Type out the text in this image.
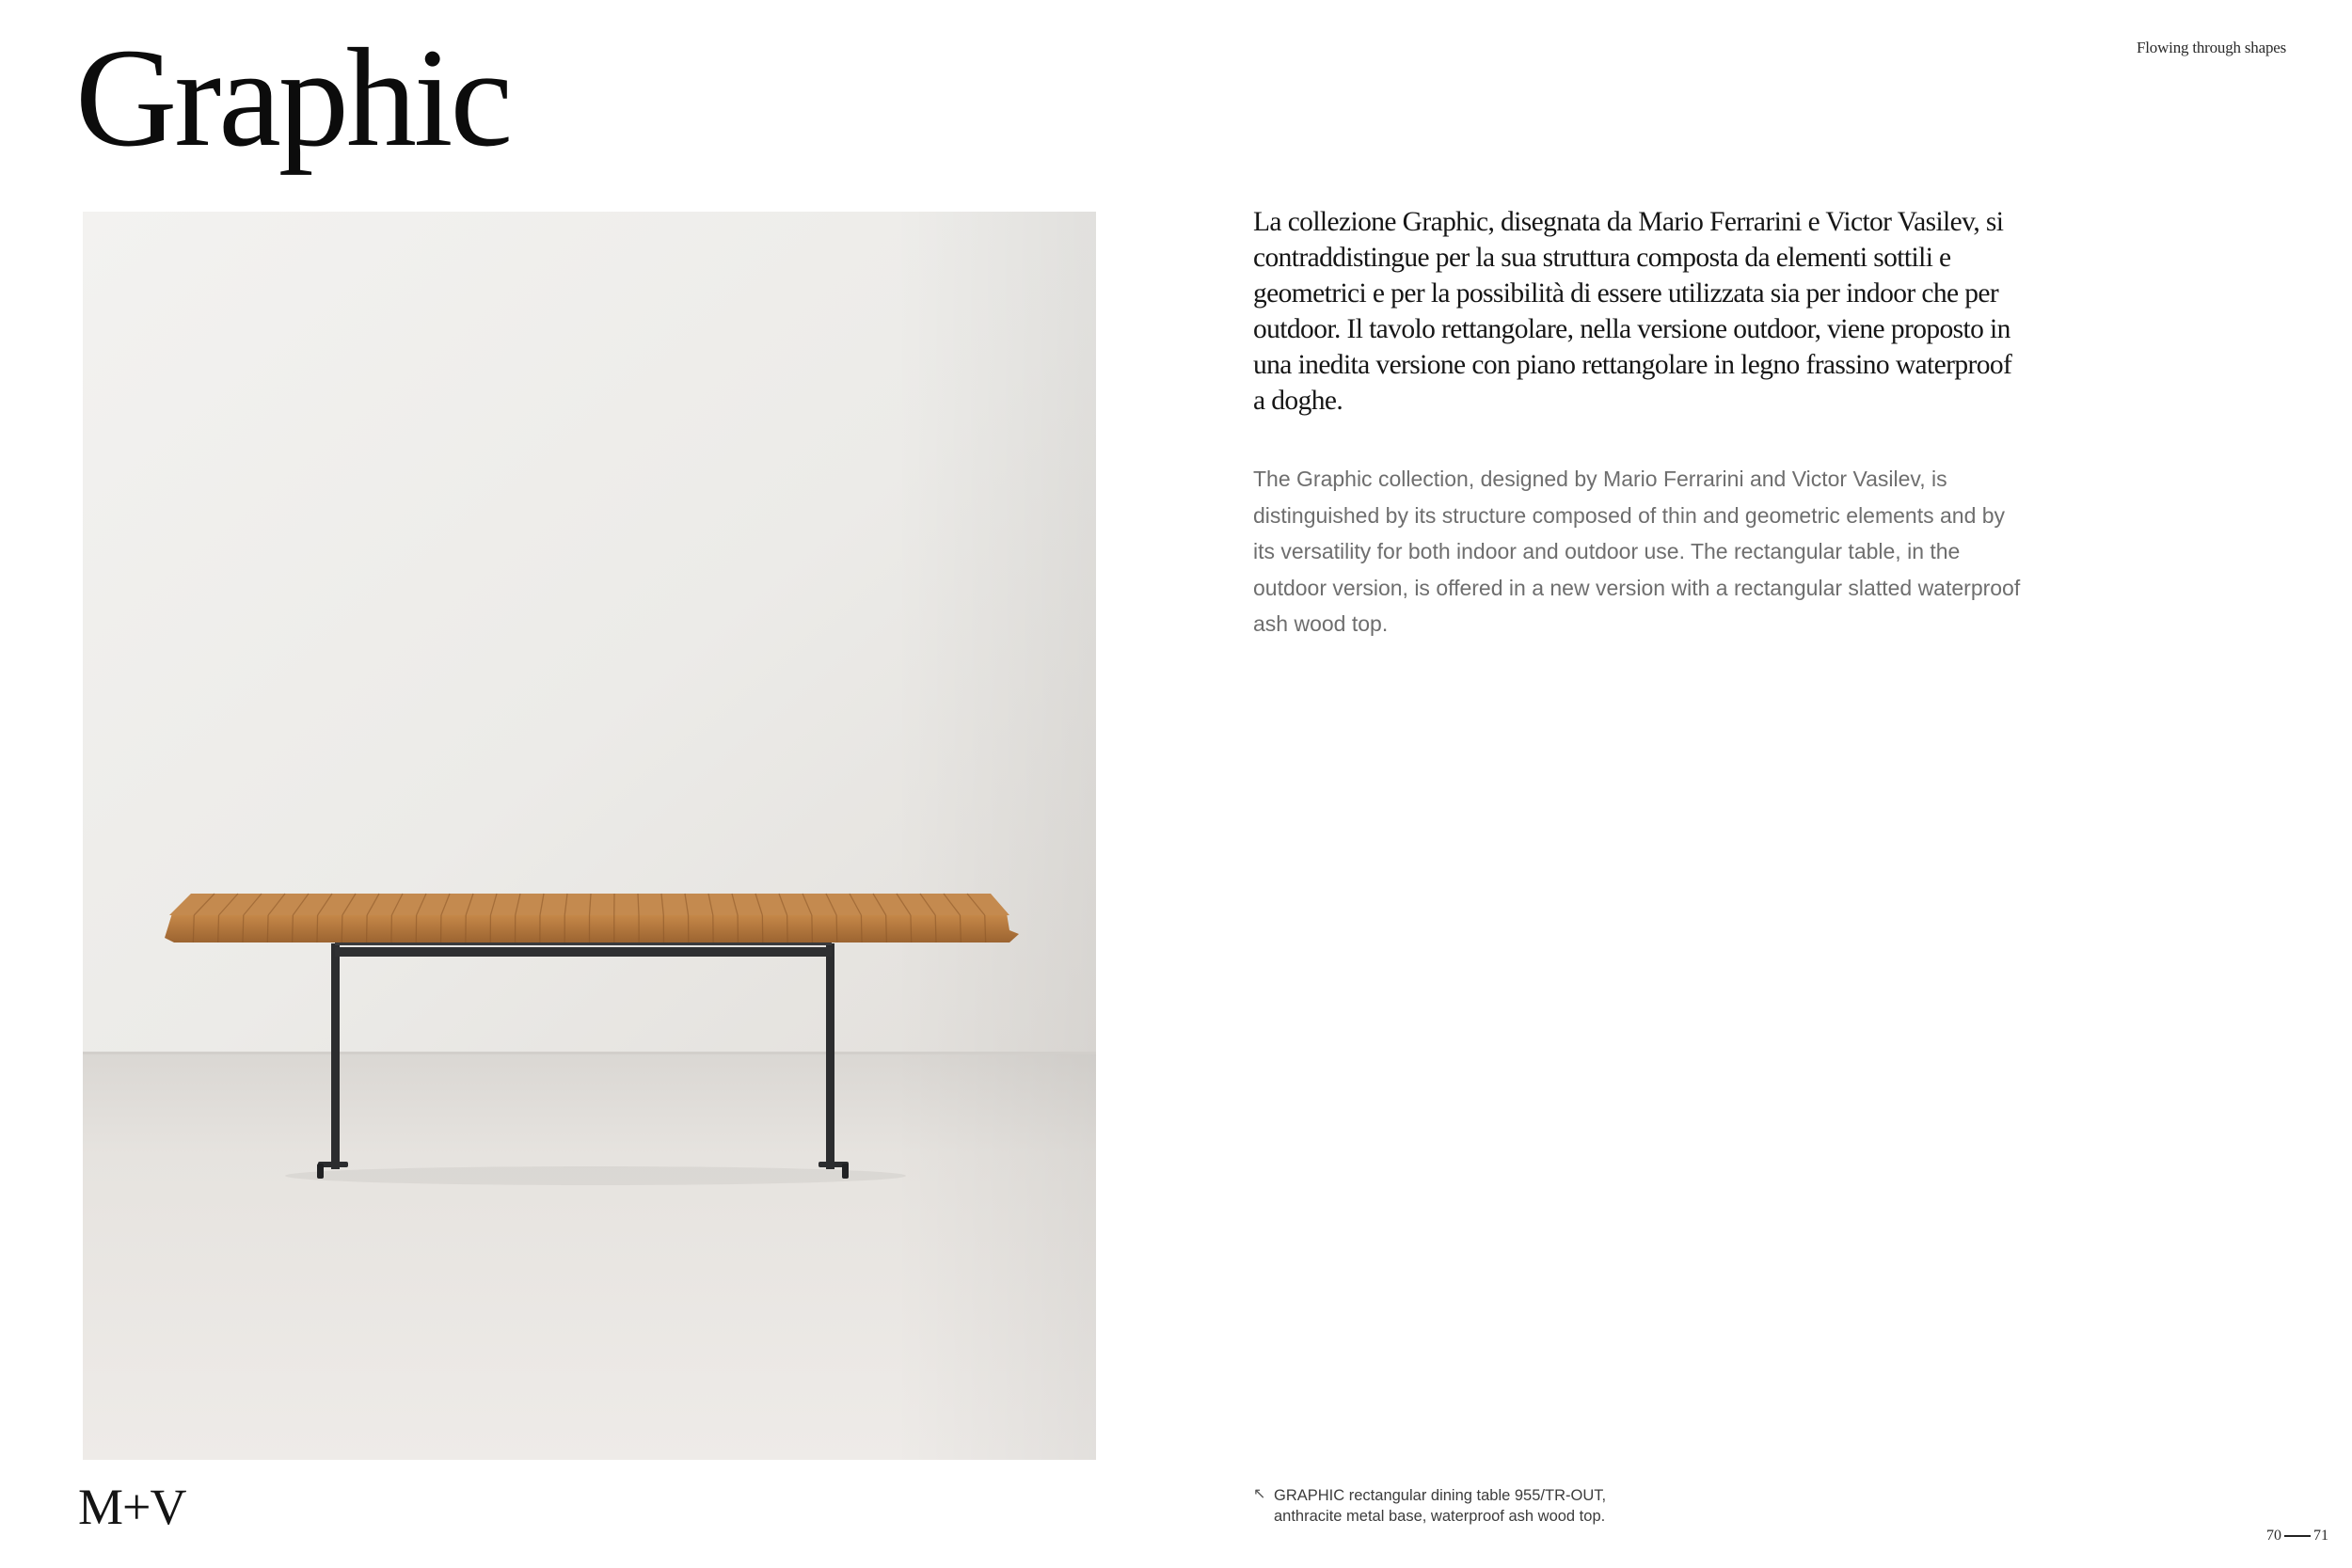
Graphic	Flowing through shapes

La collezione Graphic, disegnata da Mario Ferrarini e Victor Vasilev, si contraddistingue per la sua struttura composta da elementi sottili e geometrici e per la possibilità di essere utilizzata sia per indoor che per outdoor. Il tavolo rettangolare, nella versione outdoor, viene proposto in una inedita versione con piano rettangolare in legno frassino waterproof a doghe.

The Graphic collection, designed by Mario Ferrarini and Victor Vasilev, is distinguished by its structure composed of thin and geometric elements and by its versatility for both indoor and outdoor use. The rectangular table, in the outdoor version, is offered in a new version with a rectangular slatted waterproof ash wood top.

M+V	↖ GRAPHIC rectangular dining table 955/TR-OUT,
anthracite metal base, waterproof ash wood top.
70 71
